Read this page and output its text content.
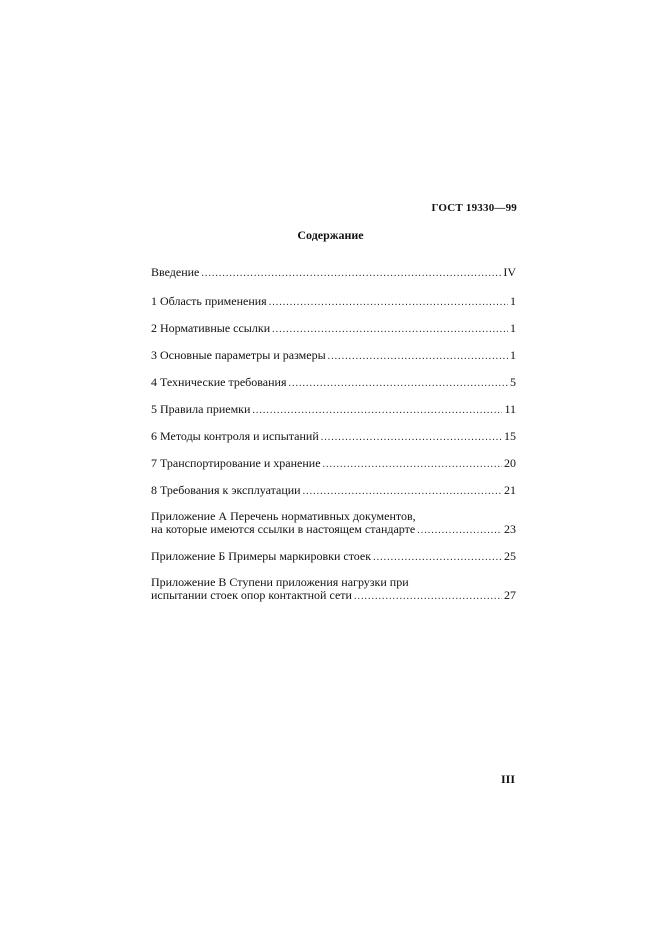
ГОСТ 19330—99
Содержание
Введение .....	IV
1 Область применения .....	1
2 Нормативные ссылки .....	1
3 Основные параметры и размеры .....	1
4 Технические требования .....	5
5 Правила приемки .....	11
6 Методы контроля и испытаний .....	15
7 Транспортирование и хранение .....	20
8 Требования к эксплуатации .....	21
Приложение А Перечень нормативных документов,
на которые имеются ссылки в настоящем стандарте .....	23
Приложение Б Примеры маркировки стоек .....	25
Приложение В Ступени приложения нагрузки при
испытании стоек опор контактной сети .....	27
III
